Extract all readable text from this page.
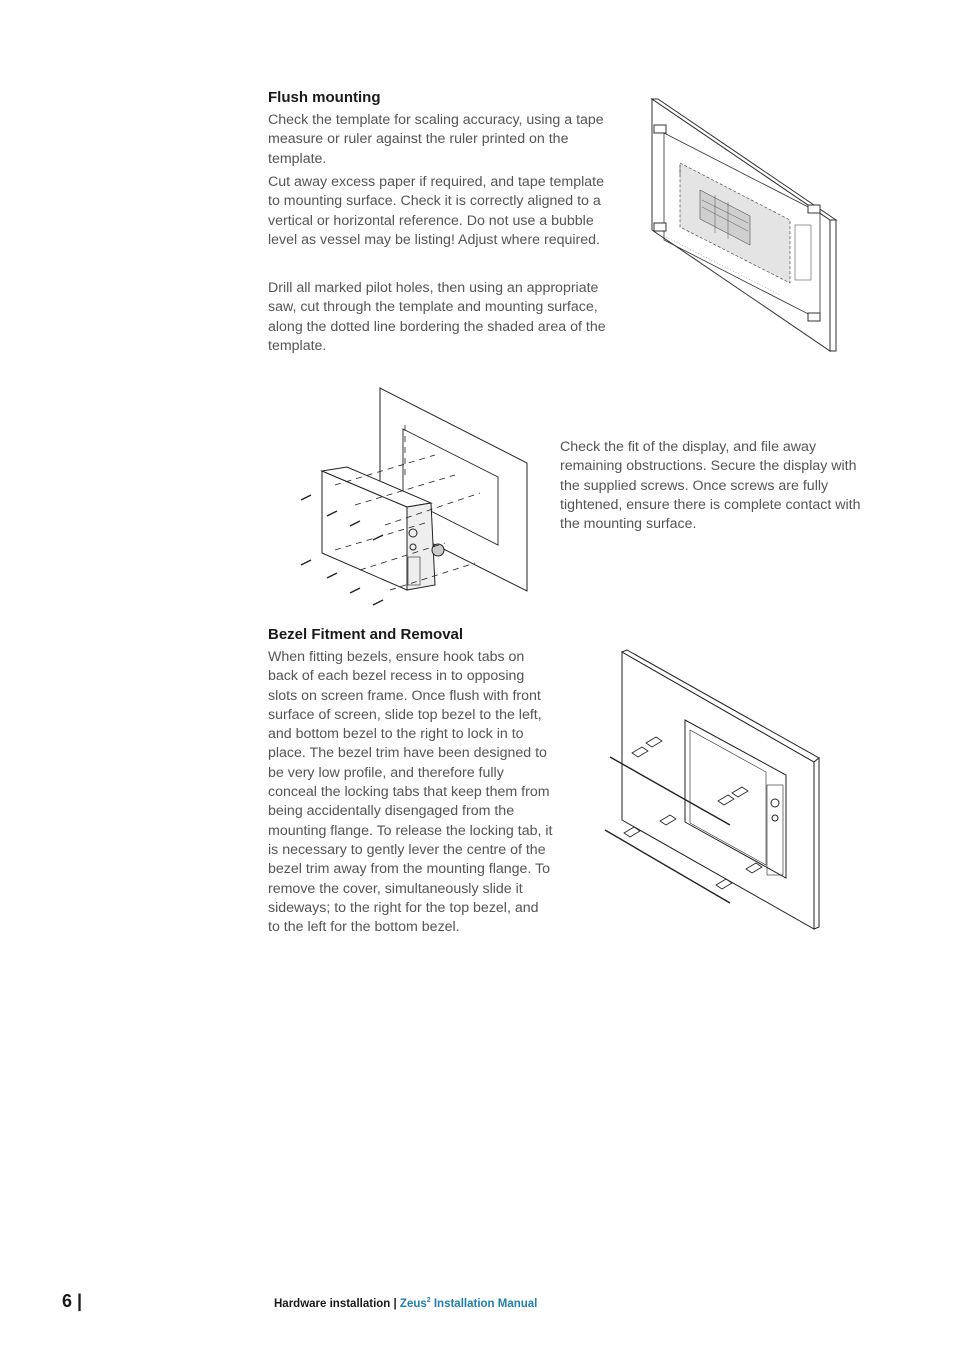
Flush mounting

Check the template for scaling accuracy, using a tape measure or ruler against the ruler printed on the template.

Cut away excess paper if required, and tape template to mounting surface. Check it is correctly aligned to a vertical or horizontal reference. Do not use a bubble level as vessel may be listing! Adjust where required.

Drill all marked pilot holes, then using an appropriate saw, cut through the template and mounting surface, along the dotted line bordering the shaded area of the template.

Check the fit of the display, and file away remaining obstructions. Secure the display with the supplied screws. Once screws are fully tightened, ensure there is complete contact with the mounting surface.

Bezel Fitment and Removal

When fitting bezels, ensure hook tabs on back of each bezel recess in to opposing slots on screen frame. Once flush with front surface of screen, slide top bezel to the left, and bottom bezel to the right to lock in to place. The bezel trim have been designed to be very low profile, and therefore fully conceal the locking tabs that keep them from being accidentally disengaged from the mounting flange. To release the locking tab, it is necessary to gently lever the centre of the bezel trim away from the mounting flange. To remove the cover, simultaneously slide it sideways; to the right for the top bezel, and to the left for the bottom bezel.

6 |	Hardware installation | Zeus$^2$ Installation Manual
